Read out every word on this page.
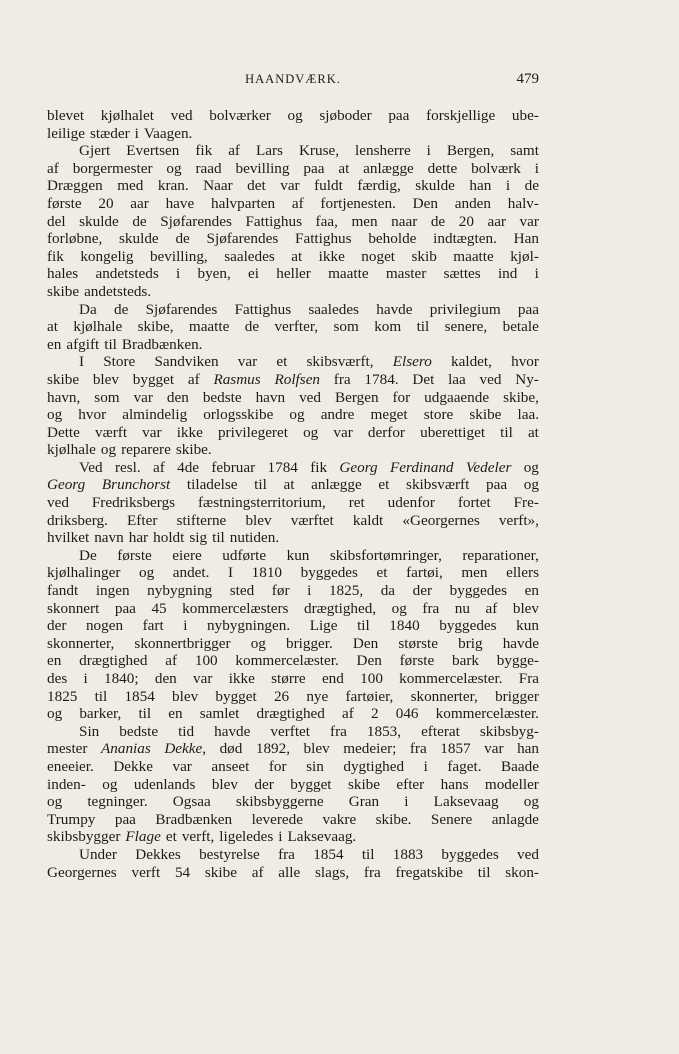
HAANDVÆRK.	479
blevet kjølhalet ved bolværker og sjøboder paa forskjellige ube-
leilige stæder i Vaagen.
Gjert Evertsen fik af Lars Kruse, lensherre i Bergen, samt
af borgermester og raad bevilling paa at anlægge dette bolværk i
Dræggen med kran. Naar det var fuldt færdig, skulde han i de
første 20 aar have halvparten af fortjenesten. Den anden halv-
del skulde de Sjøfarendes Fattighus faa, men naar de 20 aar var
forløbne, skulde de Sjøfarendes Fattighus beholde indtægten. Han
fik kongelig bevilling, saaledes at ikke noget skib maatte kjøl-
hales andetsteds i byen, ei heller maatte master sættes ind i
skibe andetsteds.
Da de Sjøfarendes Fattighus saaledes havde privilegium paa
at kjølhale skibe, maatte de verfter, som kom til senere, betale
en afgift til Bradbænken.
I Store Sandviken var et skibsværft, Elsero kaldet, hvor
skibe blev bygget af Rasmus Rolfsen fra 1784. Det laa ved Ny-
havn, som var den bedste havn ved Bergen for udgaaende skibe,
og hvor almindelig orlogsskibe og andre meget store skibe laa.
Dette værft var ikke privilegeret og var derfor uberettiget til at
kjølhale og reparere skibe.
Ved resl. af 4de februar 1784 fik Georg Ferdinand Vedeler og
Georg Brunchorst tiladelse til at anlægge et skibsværft paa og
ved Fredriksbergs fæstningsterritorium, ret udenfor fortet Fre-
driksberg. Efter stifterne blev værftet kaldt «Georgernes verft»,
hvilket navn har holdt sig til nutiden.
De første eiere udførte kun skibsfortømringer, reparationer,
kjølhalinger og andet. I 1810 byggedes et fartøi, men ellers
fandt ingen nybygning sted før i 1825, da der byggedes en
skonnert paa 45 kommercelæsters drægtighed, og fra nu af blev
der nogen fart i nybygningen. Lige til 1840 byggedes kun
skonnerter, skonnertbrigger og brigger. Den største brig havde
en drægtighed af 100 kommercelæster. Den første bark bygge-
des i 1840; den var ikke større end 100 kommercelæster. Fra
1825 til 1854 blev bygget 26 nye fartøier, skonnerter, brigger
og barker, til en samlet drægtighed af 2 046 kommercelæster.
Sin bedste tid havde verftet fra 1853, efterat skibsbyg-
mester Ananias Dekke, død 1892, blev medeier; fra 1857 var han
eneeier. Dekke var anseet for sin dygtighed i faget. Baade
inden- og udenlands blev der bygget skibe efter hans modeller
og tegninger. Ogsaa skibsbyggerne Gran i Laksevaag og
Trumpy paa Bradbænken leverede vakre skibe. Senere anlagde
skibsbygger Flage et verft, ligeledes i Laksevaag.
Under Dekkes bestyrelse fra 1854 til 1883 byggedes ved
Georgernes verft 54 skibe af alle slags, fra fregatskibe til skon-
